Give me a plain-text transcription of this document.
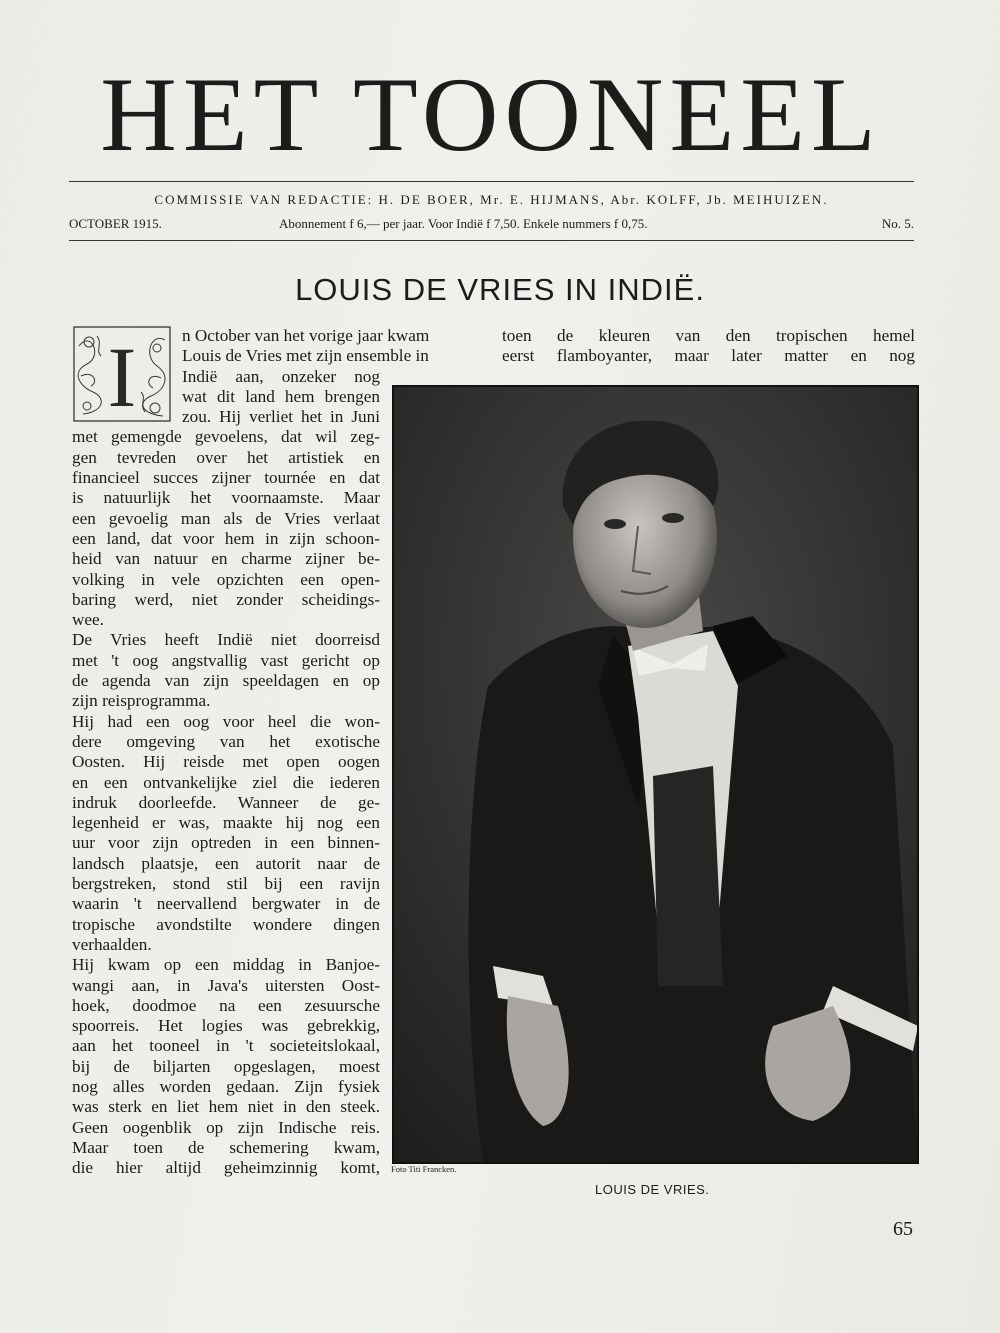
HET TOONEEL
COMMISSIE VAN REDACTIE: H. DE BOER, Mr. E. HIJMANS, Abr. KOLFF, Jb. MEIHUIZEN.
OCTOBER 1915.	Abonnement f 6,— per jaar. Voor Indië f 7,50. Enkele nummers f 0,75.	No. 5.
LOUIS DE VRIES IN INDIË.
I	n October van het vorige jaar kwam
Louis de Vries met zijn ensemble in
Indië aan, onzeker nog
wat dit land hem brengen
zou. Hij verliet het in Juni
met gemengde gevoelens, dat wil zeg-
gen tevreden over het artistiek en
financieel succes zijner tournée en dat
is natuurlijk het voornaamste. Maar
een gevoelig man als de Vries verlaat
een land, dat voor hem in zijn schoon-
heid van natuur en charme zijner be-
volking in vele opzichten een open-
baring werd, niet zonder scheidings-
wee.
De Vries heeft Indië niet doorreisd
met 't oog angstvallig vast gericht op
de agenda van zijn speeldagen en op
zijn reisprogramma.
Hij had een oog voor heel die won-
dere omgeving van het exotische
Oosten. Hij reisde met open oogen
en een ontvankelijke ziel die iederen
indruk doorleefde. Wanneer de ge-
legenheid er was, maakte hij nog een
uur voor zijn optreden in een binnen-
landsch plaatsje, een autorit naar de
bergstreken, stond stil bij een ravijn
waarin 't neervallend bergwater in de
tropische avondstilte wondere dingen
verhaalden.
Hij kwam op een middag in Banjoe-
wangi aan, in Java's uitersten Oost-
hoek, doodmoe na een zesuursche
spoorreis. Het logies was gebrekkig,
aan het tooneel in 't societeitslokaal,
bij de biljarten opgeslagen, moest
nog alles worden gedaan. Zijn fysiek
was sterk en liet hem niet in den steek.
Geen oogenblik op zijn Indische reis.
Maar toen de schemering kwam,
die hier altijd geheimzinnig komt,
toen de kleuren van den tropischen hemel
eerst flamboyanter, maar later matter en nog
Foto Titi Francken.
LOUIS DE VRIES.
65
